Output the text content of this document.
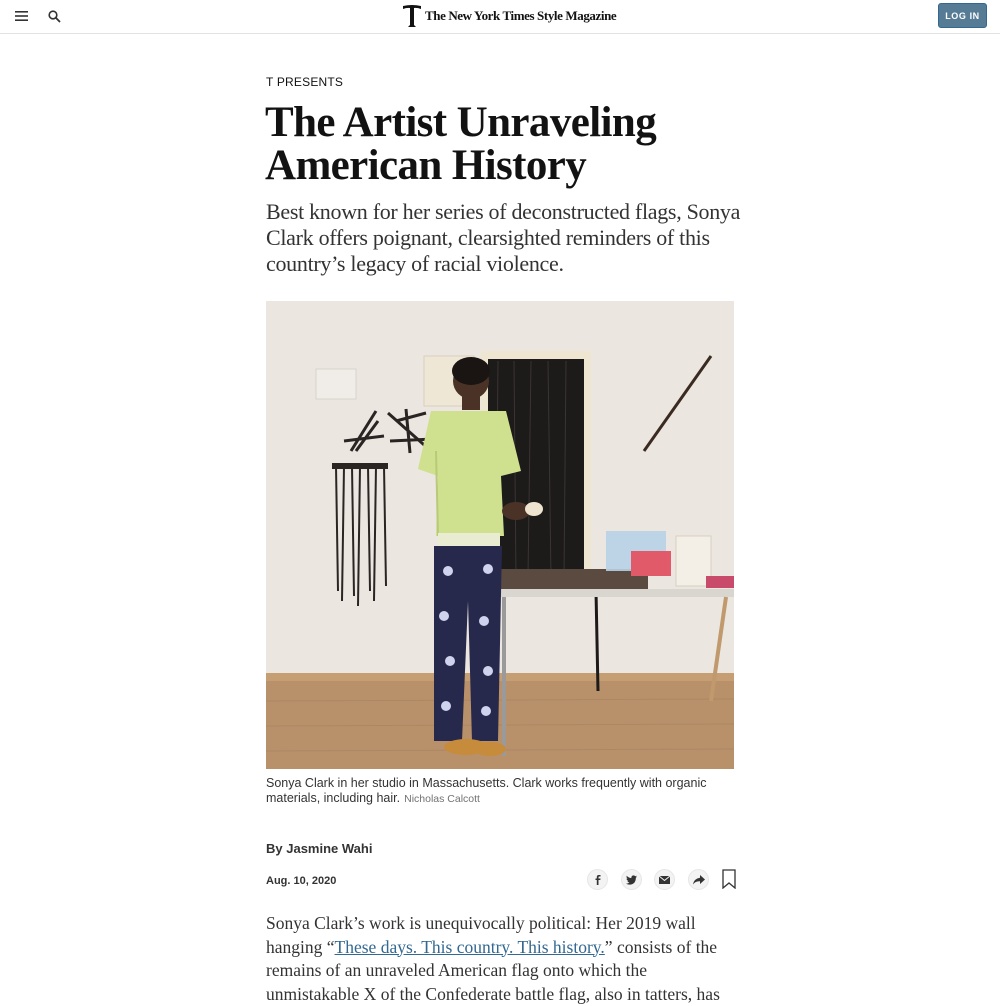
The New York Times Style Magazine	LOG IN
T PRESENTS
The Artist Unraveling American History

Best known for her series of deconstructed flags, Sonya Clark offers poignant, clearsighted reminders of this country’s legacy of racial violence.

Sonya Clark in her studio in Massachusetts. Clark works frequently with organic materials, including hair. Nicholas Calcott
By Jasmine Wahi
Aug. 10, 2020

Sonya Clark’s work is unequivocally political: Her 2019 wall hanging “These days. This country. This history.” consists of the remains of an unraveled American flag onto which the unmistakable X of the Confederate battle flag, also in tatters, has
